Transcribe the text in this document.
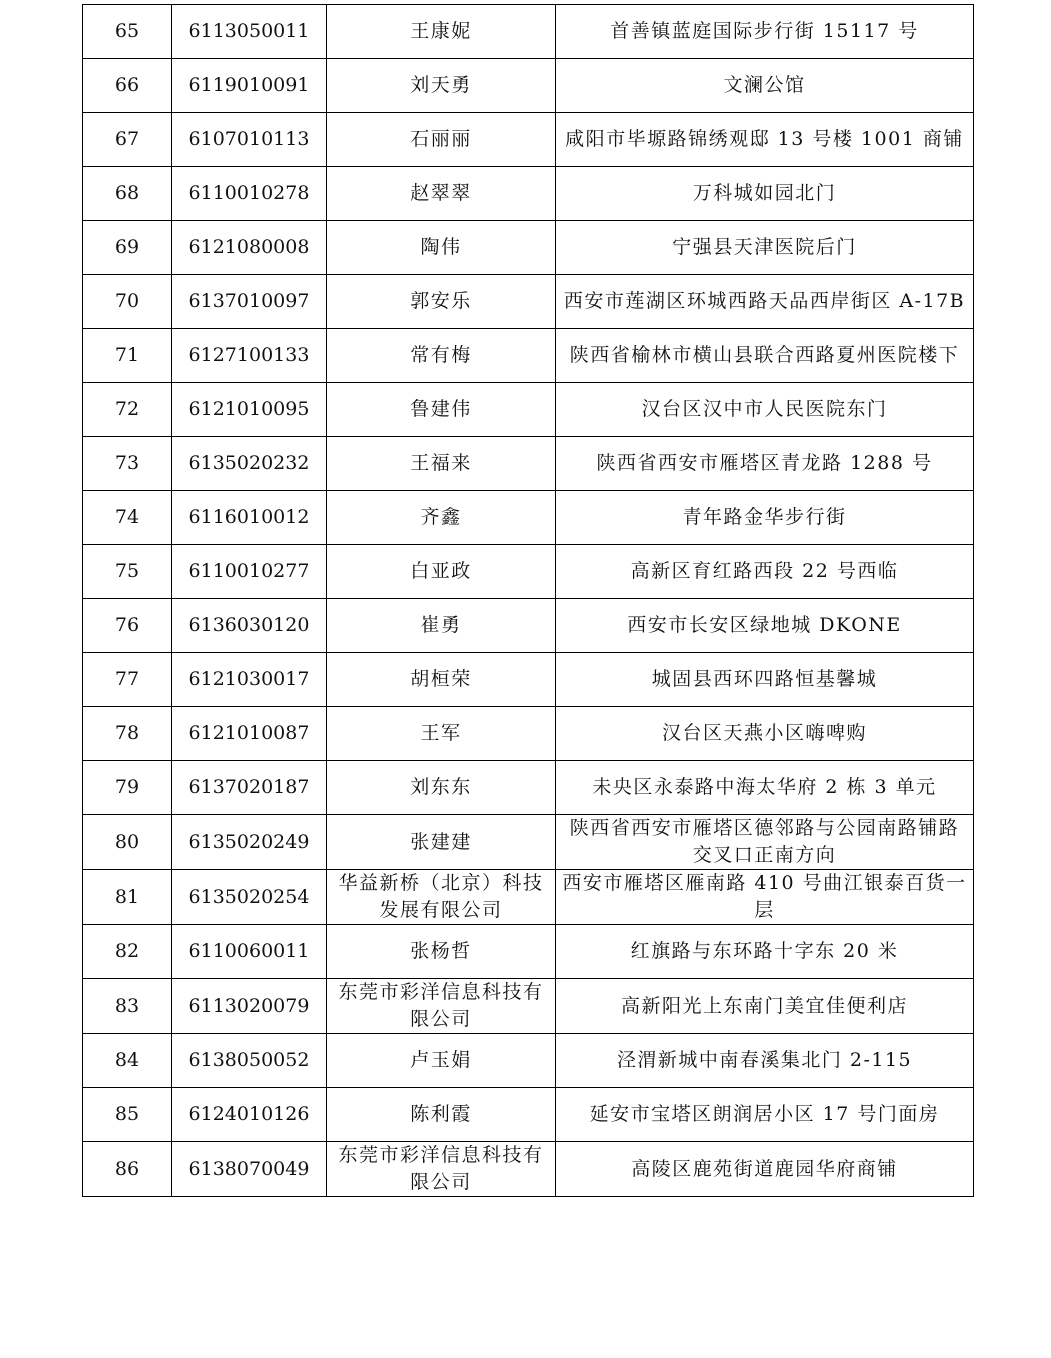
65	6113050011	王康妮	首善镇蓝庭国际步行街 15117 号
66	6119010091	刘天勇	文澜公馆
67	6107010113	石丽丽	咸阳市毕塬路锦绣观邸 13 号楼 1001 商铺
68	6110010278	赵翠翠	万科城如园北门
69	6121080008	陶伟	宁强县天津医院后门
70	6137010097	郭安乐	西安市莲湖区环城西路天品西岸街区 A-17B
71	6127100133	常有梅	陕西省榆林市横山县联合西路夏州医院楼下
72	6121010095	鲁建伟	汉台区汉中市人民医院东门
73	6135020232	王福来	陕西省西安市雁塔区青龙路 1288 号
74	6116010012	齐鑫	青年路金华步行街
75	6110010277	白亚政	高新区育红路西段 22 号西临
76	6136030120	崔勇	西安市长安区绿地城 DKONE
77	6121030017	胡桓荣	城固县西环四路恒基馨城
78	6121010087	王军	汉台区天燕小区嗨啤购
79	6137020187	刘东东	未央区永泰路中海太华府 2 栋 3 单元
80	6135020249	张建建	陕西省西安市雁塔区德邻路与公园南路铺路交叉口正南方向
81	6135020254	华益新桥（北京）科技发展有限公司	西安市雁塔区雁南路 410 号曲江银泰百货一层
82	6110060011	张杨哲	红旗路与东环路十字东 20 米
83	6113020079	东莞市彩洋信息科技有限公司	高新阳光上东南门美宜佳便利店
84	6138050052	卢玉娟	泾渭新城中南春溪集北门 2-115
85	6124010126	陈利霞	延安市宝塔区朗润居小区 17 号门面房
86	6138070049	东莞市彩洋信息科技有限公司	高陵区鹿苑街道鹿园华府商铺
